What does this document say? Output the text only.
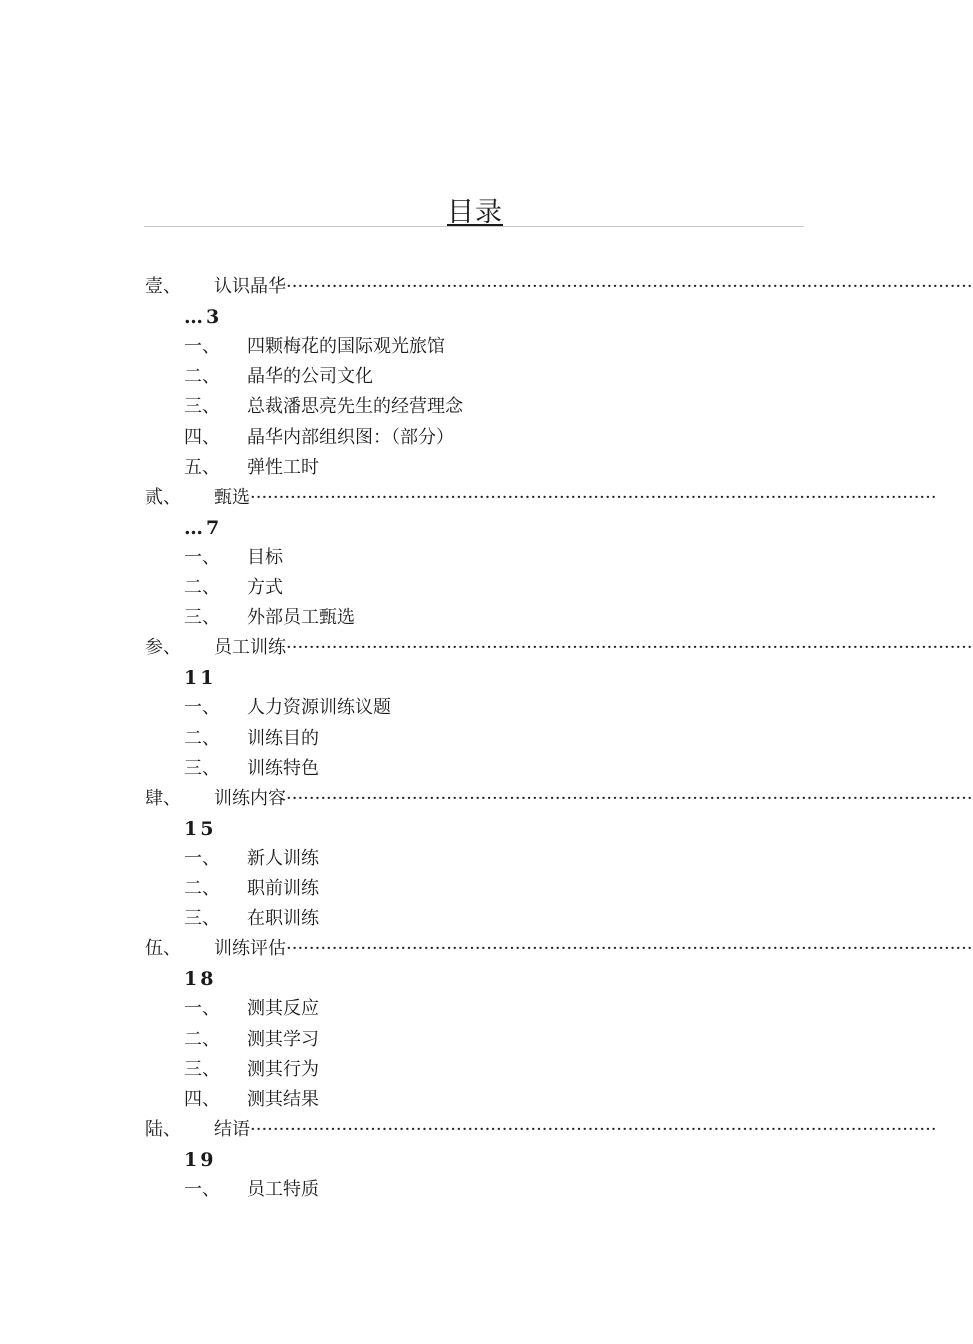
目录
壹、 认识晶华 ························································································································
…3
一、 四颗梅花的国际观光旅馆
二、 晶华的公司文化
三、 总裁潘思亮先生的经营理念
四、 晶华内部组织图：（部分）
五、 弹性工时
贰、 甄选 ························································································································
…7
一、 目标
二、 方式
三、 外部员工甄选
参、 员工训练 ························································································································
11
一、 人力资源训练议题
二、 训练目的
三、 训练特色
肆、 训练内容 ························································································································
15
一、 新人训练
二、 职前训练
三、 在职训练
伍、 训练评估 ························································································································
18
一、 测其反应
二、 测其学习
三、 测其行为
四、 测其结果
陆、 结语 ························································································································
19
一、 员工特质
